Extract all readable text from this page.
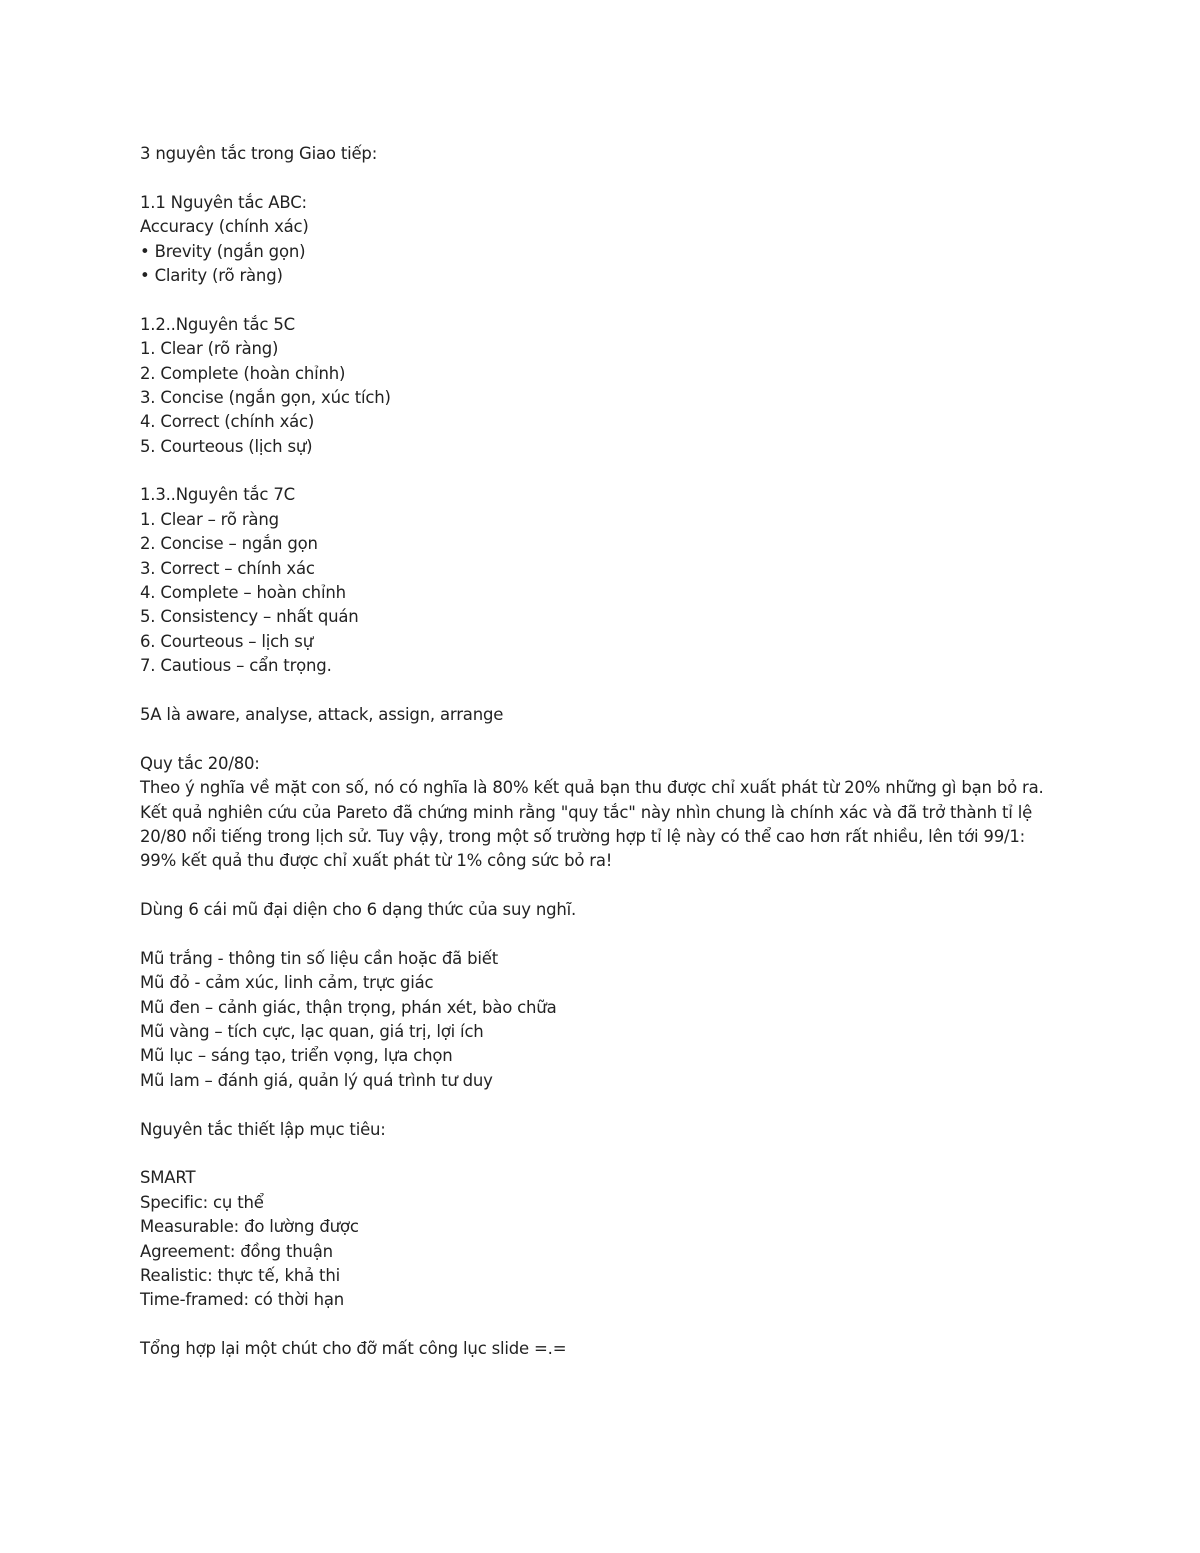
3 nguyên tắc trong Giao tiếp:
1.1 Nguyên tắc ABC:
Accuracy (chính xác)
• Brevity (ngắn gọn)
• Clarity (rõ ràng)
1.2..Nguyên tắc 5C
1. Clear (rõ ràng)
2. Complete (hoàn chỉnh)
3. Concise (ngắn gọn, xúc tích)
4. Correct (chính xác)
5. Courteous (lịch sự)
1.3..Nguyên tắc 7C
1. Clear – rõ ràng
2. Concise – ngắn gọn
3. Correct – chính xác
4. Complete – hoàn chỉnh
5. Consistency – nhất quán
6. Courteous – lịch sự
7. Cautious – cẩn trọng.
5A là aware, analyse, attack, assign, arrange
Quy tắc 20/80:
Theo ý nghĩa về mặt con số, nó có nghĩa là 80% kết quả bạn thu được chỉ xuất phát từ 20% những gì bạn bỏ ra.
Kết quả nghiên cứu của Pareto đã chứng minh rằng "quy tắc" này nhìn chung là chính xác và đã trở thành tỉ lệ
20/80 nổi tiếng trong lịch sử. Tuy vậy, trong một số trường hợp tỉ lệ này có thể cao hơn rất nhiều, lên tới 99/1:
99% kết quả thu được chỉ xuất phát từ 1% công sức bỏ ra!
Dùng 6 cái mũ đại diện cho 6 dạng thức của suy nghĩ.
Mũ trắng - thông tin số liệu cần hoặc đã biết
Mũ đỏ - cảm xúc, linh cảm, trực giác
Mũ đen – cảnh giác, thận trọng, phán xét, bào chữa
Mũ vàng – tích cực, lạc quan, giá trị, lợi ích
Mũ lục – sáng tạo, triển vọng, lựa chọn
Mũ lam – đánh giá, quản lý quá trình tư duy
Nguyên tắc thiết lập mục tiêu:
SMART
Specific: cụ thể
Measurable: đo lường được
Agreement: đồng thuận
Realistic: thực tế, khả thi
Time-framed: có thời hạn
Tổng hợp lại một chút cho đỡ mất công lục slide =.=
